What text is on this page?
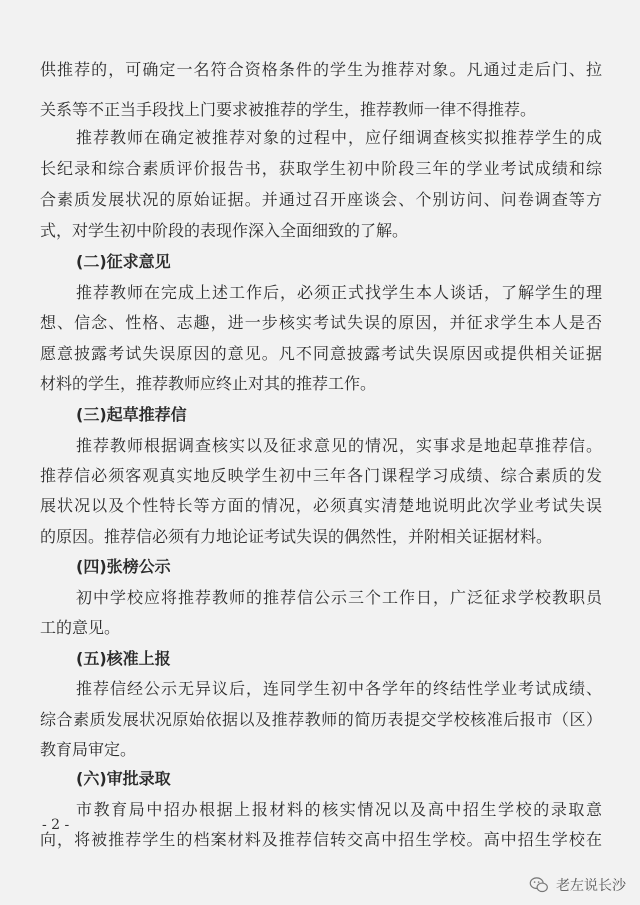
供推荐的，可确定一名符合资格条件的学生为推荐对象。凡通过走后门、拉
关系等不正当手段找上门要求被推荐的学生，推荐教师一律不得推荐。
推荐教师在确定被推荐对象的过程中，应仔细调查核实拟推荐学生的成
长纪录和综合素质评价报告书，获取学生初中阶段三年的学业考试成绩和综
合素质发展状况的原始证据。并通过召开座谈会、个别访问、问卷调查等方
式，对学生初中阶段的表现作深入全面细致的了解。
(二)征求意见
推荐教师在完成上述工作后，必须正式找学生本人谈话，了解学生的理
想、信念、性格、志趣，进一步核实考试失误的原因，并征求学生本人是否
愿意披露考试失误原因的意见。凡不同意披露考试失误原因或提供相关证据
材料的学生，推荐教师应终止对其的推荐工作。
(三)起草推荐信
推荐教师根据调查核实以及征求意见的情况，实事求是地起草推荐信。
推荐信必须客观真实地反映学生初中三年各门课程学习成绩、综合素质的发
展状况以及个性特长等方面的情况，必须真实清楚地说明此次学业考试失误
的原因。推荐信必须有力地论证考试失误的偶然性，并附相关证据材料。
(四)张榜公示
初中学校应将推荐教师的推荐信公示三个工作日，广泛征求学校教职员
工的意见。
(五)核准上报
推荐信经公示无异议后，连同学生初中各学年的终结性学业考试成绩、
综合素质发展状况原始依据以及推荐教师的简历表提交学校核准后报市（区）
教育局审定。
(六)审批录取
市教育局中招办根据上报材料的核实情况以及高中招生学校的录取意
向，将被推荐学生的档案材料及推荐信转交高中招生学校。高中招生学校在
- 2 -
老左说长沙
